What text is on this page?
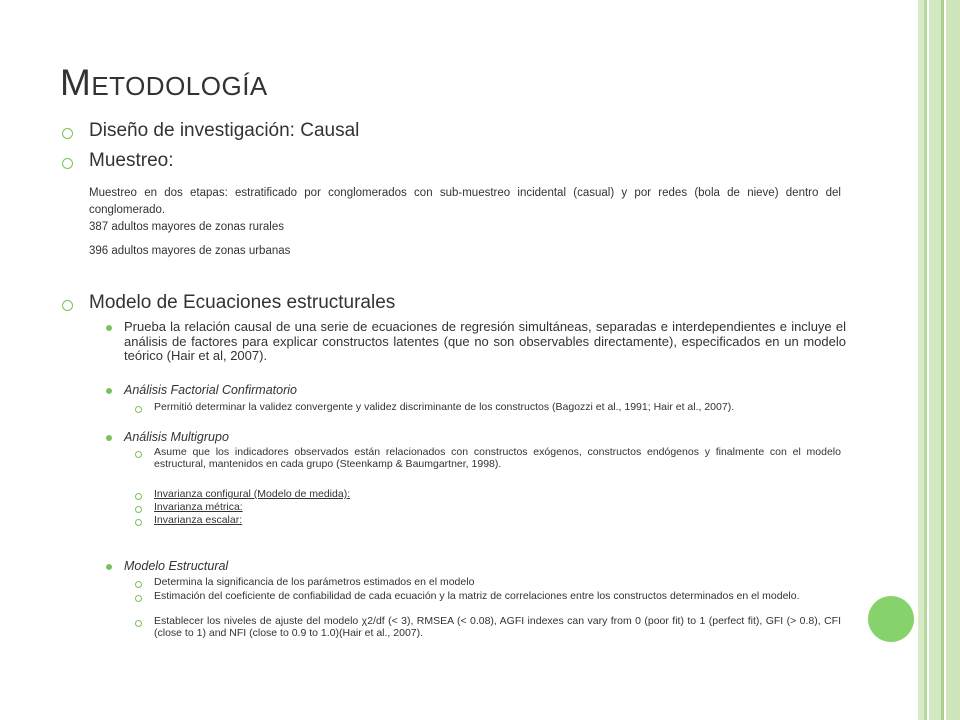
Metodología
Diseño de investigación: Causal
Muestreo:
Muestreo en dos etapas: estratificado por conglomerados con sub-muestreo incidental (casual) y por redes (bola de nieve) dentro del conglomerado.
387 adultos mayores de zonas rurales
396 adultos mayores de zonas urbanas
Modelo de Ecuaciones estructurales
Prueba la relación causal de una serie de ecuaciones de regresión simultáneas, separadas e interdependientes e incluye el análisis de factores para explicar constructos latentes (que no son observables directamente), especificados en un modelo teórico (Hair et al, 2007).
Análisis Factorial Confirmatorio
Permitió determinar la validez convergente y validez discriminante de los constructos (Bagozzi et al., 1991; Hair et al., 2007).
Análisis Multigrupo
Asume que los indicadores observados están relacionados con constructos exógenos, constructos endógenos y finalmente con el modelo estructural, mantenidos en cada grupo (Steenkamp & Baumgartner, 1998).
Invarianza configural (Modelo de medida):
Invarianza métrica:
Invarianza escalar:
Modelo Estructural
Determina la significancia de los parámetros estimados en el modelo
Estimación del coeficiente de confiabilidad de cada ecuación y la matriz de correlaciones entre los constructos determinados en el modelo.
Establecer los niveles de ajuste del modelo χ2/df (< 3), RMSEA (< 0.08), AGFI indexes can vary from 0 (poor fit) to 1 (perfect fit), GFI (> 0.8), CFI (close to 1) and NFI (close to 0.9 to 1.0)(Hair et al., 2007).
